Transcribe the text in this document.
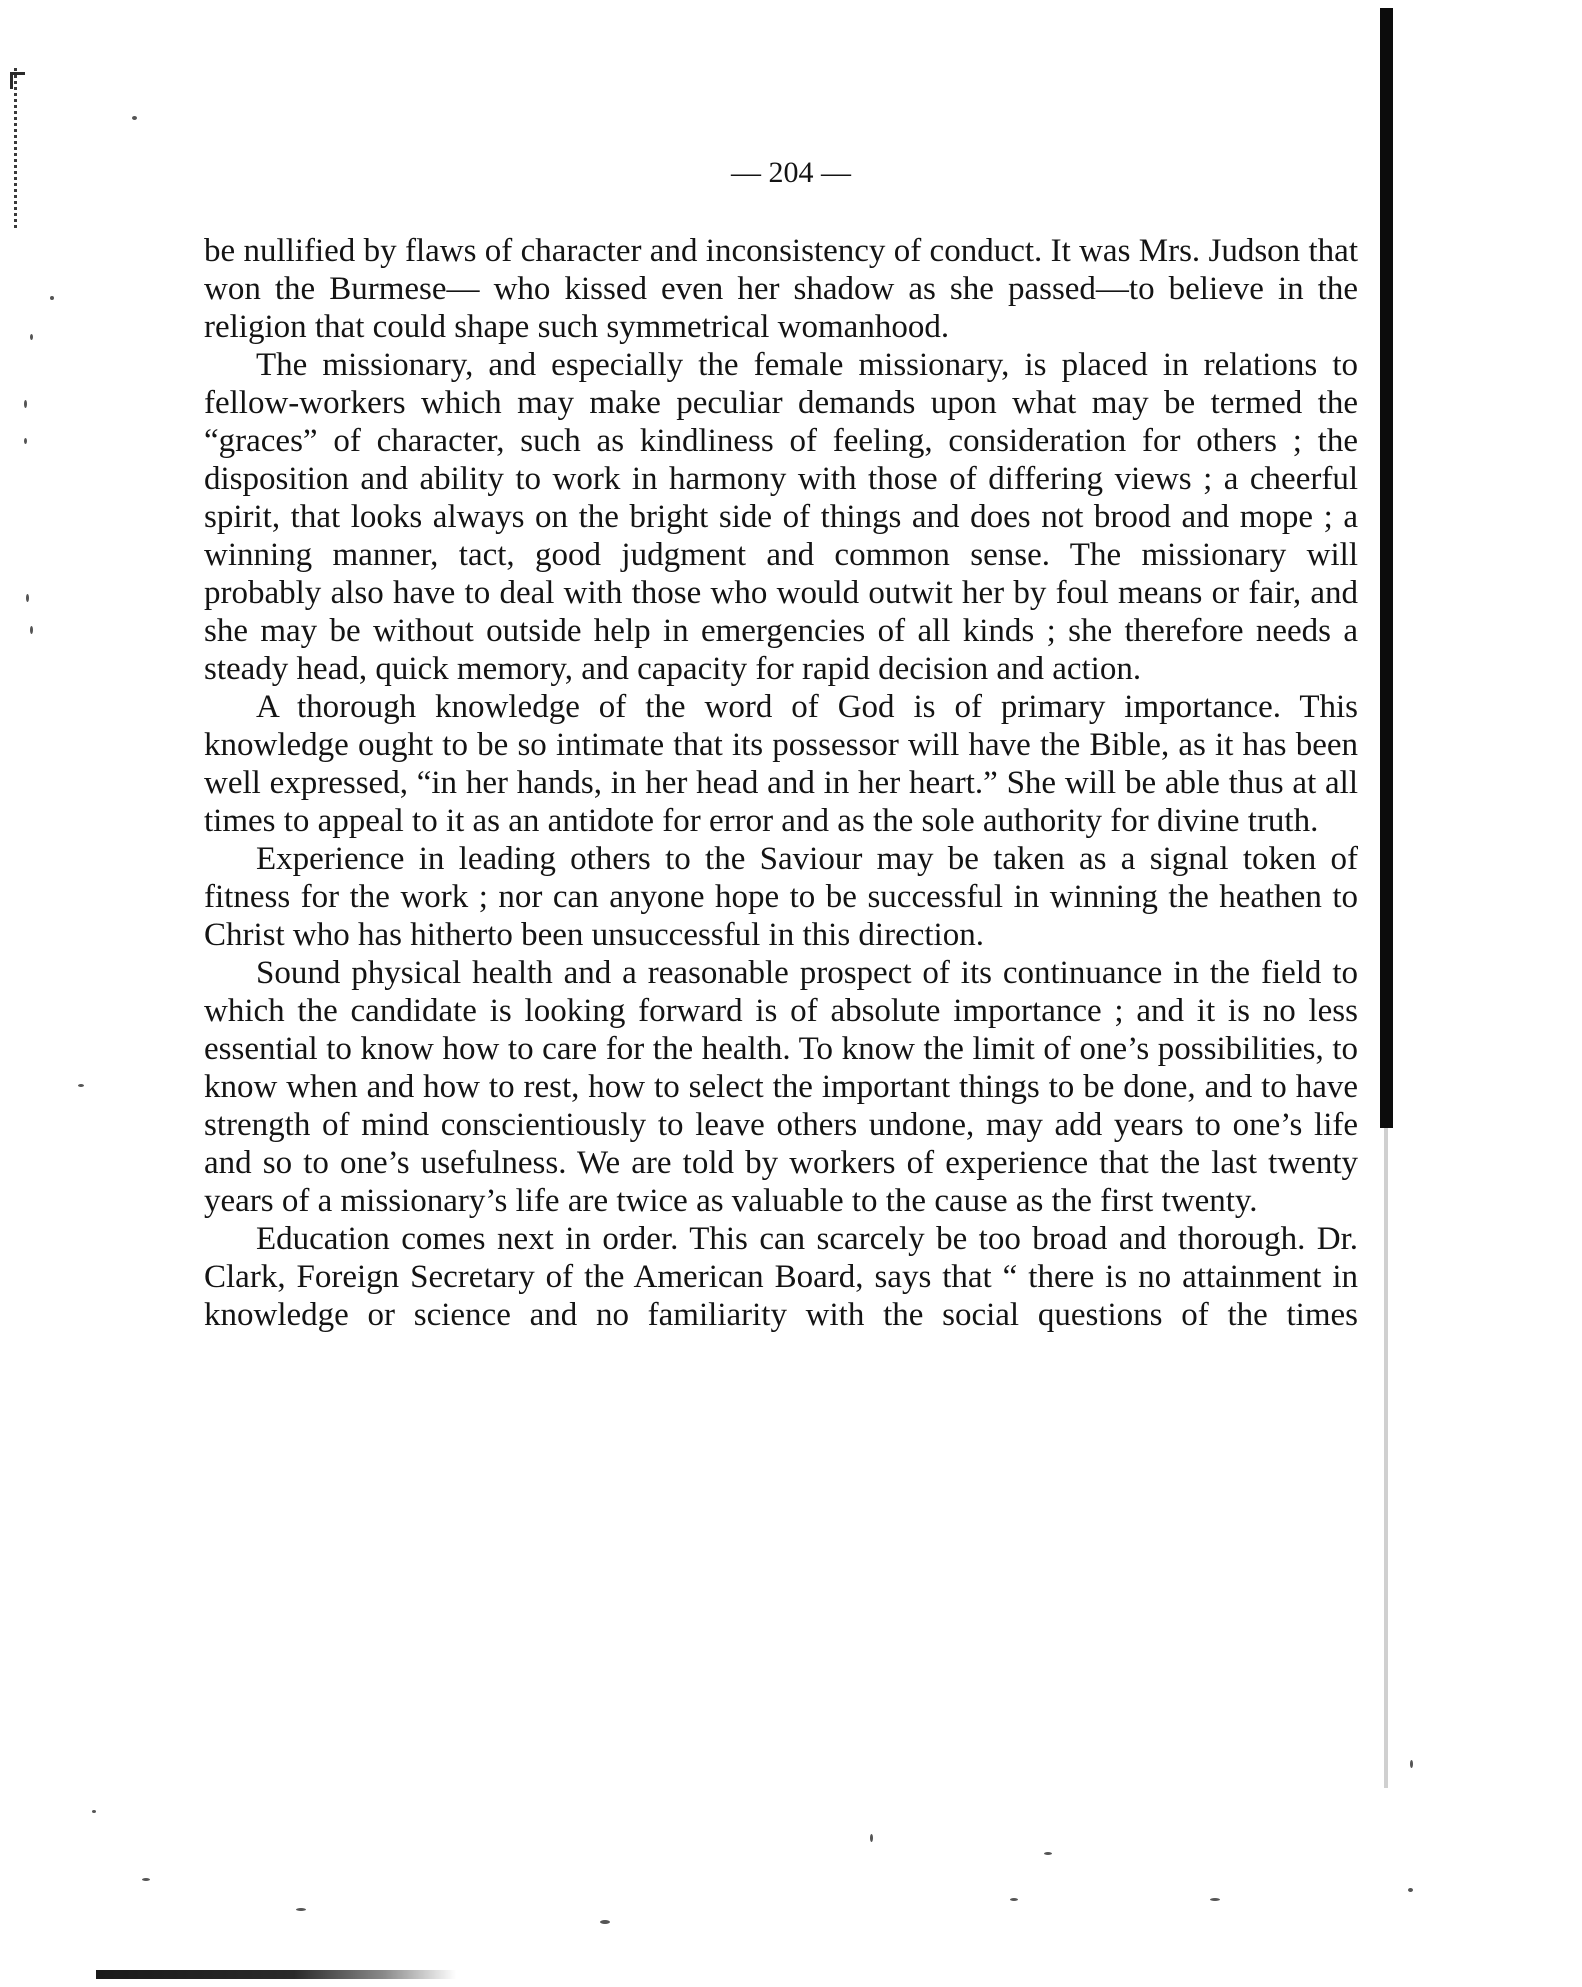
— 204 —

be nullified by flaws of character and inconsistency of conduct. It was Mrs. Judson that won the Burmese— who kissed even her shadow as she passed—to believe in the religion that could shape such symmetrical womanhood.

The missionary, and especially the female missionary, is placed in relations to fellow-workers which may make peculiar demands upon what may be termed the “graces” of character, such as kindliness of feeling, consideration for others ; the disposition and ability to work in harmony with those of differing views ; a cheerful spirit, that looks always on the bright side of things and does not brood and mope ; a winning manner, tact, good judgment and common sense. The missionary will probably also have to deal with those who would outwit her by foul means or fair, and she may be without outside help in emergencies of all kinds ; she therefore needs a steady head, quick memory, and capacity for rapid decision and action.

A thorough knowledge of the word of God is of primary importance. This knowledge ought to be so intimate that its possessor will have the Bible, as it has been well expressed, “in her hands, in her head and in her heart.” She will be able thus at all times to appeal to it as an antidote for error and as the sole authority for divine truth.

Experience in leading others to the Saviour may be taken as a signal token of fitness for the work ; nor can anyone hope to be successful in winning the heathen to Christ who has hitherto been unsuccessful in this direction.

Sound physical health and a reasonable prospect of its continuance in the field to which the candidate is looking forward is of absolute importance ; and it is no less essential to know how to care for the health. To know the limit of one’s possibilities, to know when and how to rest, how to select the important things to be done, and to have strength of mind conscientiously to leave others undone, may add years to one’s life and so to one’s usefulness. We are told by workers of experience that the last twenty years of a missionary’s life are twice as valuable to the cause as the first twenty.

Education comes next in order. This can scarcely be too broad and thorough. Dr. Clark, Foreign Secretary of the American Board, says that “ there is no attainment in knowledge or science and no familiarity with the social questions of the times
